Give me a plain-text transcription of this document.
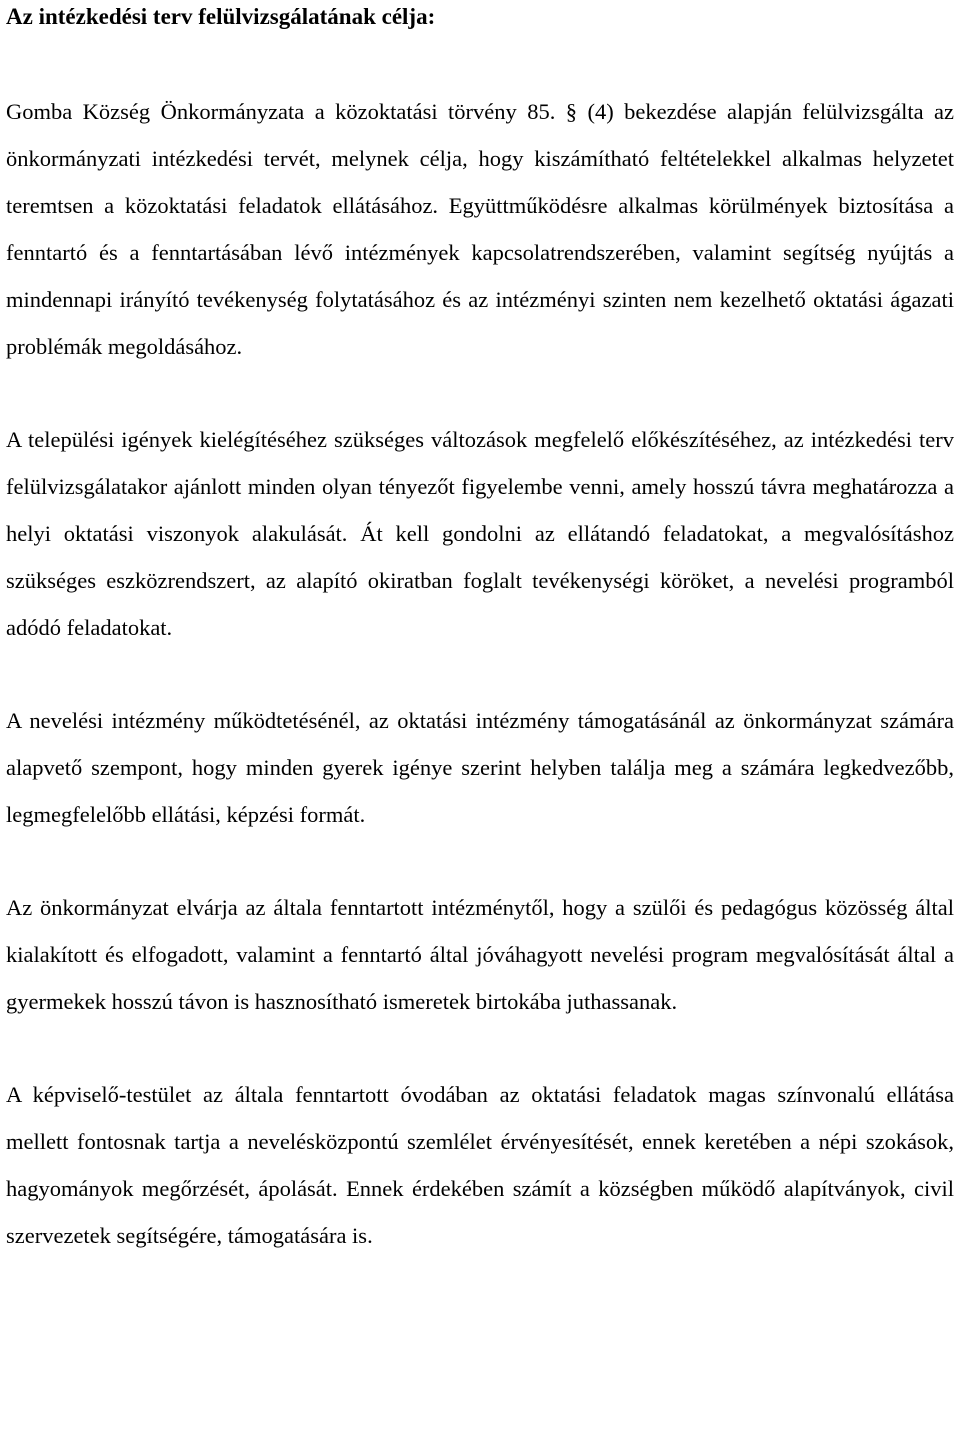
Az intézkedési terv felülvizsgálatának célja:

Gomba Község Önkormányzata a közoktatási törvény 85. § (4) bekezdése alapján felülvizsgálta az önkormányzati intézkedési tervét, melynek célja, hogy kiszámítható feltételekkel alkalmas helyzetet teremtsen a közoktatási feladatok ellátásához. Együttműködésre alkalmas körülmények biztosítása a fenntartó és a fenntartásában lévő intézmények kapcsolatrendszerében, valamint segítség nyújtás a mindennapi irányító tevékenység folytatásához és az intézményi szinten nem kezelhető oktatási ágazati problémák megoldásához.

A települési igények kielégítéséhez szükséges változások megfelelő előkészítéséhez, az intézkedési terv felülvizsgálatakor ajánlott minden olyan tényezőt figyelembe venni, amely hosszú távra meghatározza a helyi oktatási viszonyok alakulását. Át kell gondolni az ellátandó feladatokat, a megvalósításhoz szükséges eszközrendszert, az alapító okiratban foglalt tevékenységi köröket, a nevelési programból adódó feladatokat.

A nevelési intézmény működtetésénél, az oktatási intézmény támogatásánál az önkormányzat számára alapvető szempont, hogy minden gyerek igénye szerint helyben találja meg a számára legkedvezőbb, legmegfelelőbb ellátási, képzési formát.

Az önkormányzat elvárja az általa fenntartott intézménytől, hogy a szülői és pedagógus közösség által kialakított és elfogadott, valamint a fenntartó által jóváhagyott nevelési program megvalósítását által a gyermekek hosszú távon is hasznosítható ismeretek birtokába juthassanak.

A képviselő-testület az általa fenntartott óvodában az oktatási feladatok magas színvonalú ellátása mellett fontosnak tartja a nevelésközpontú szemlélet érvényesítését, ennek keretében a népi szokások, hagyományok megőrzését, ápolását. Ennek érdekében számít a községben működő alapítványok, civil szervezetek segítségére, támogatására is.
